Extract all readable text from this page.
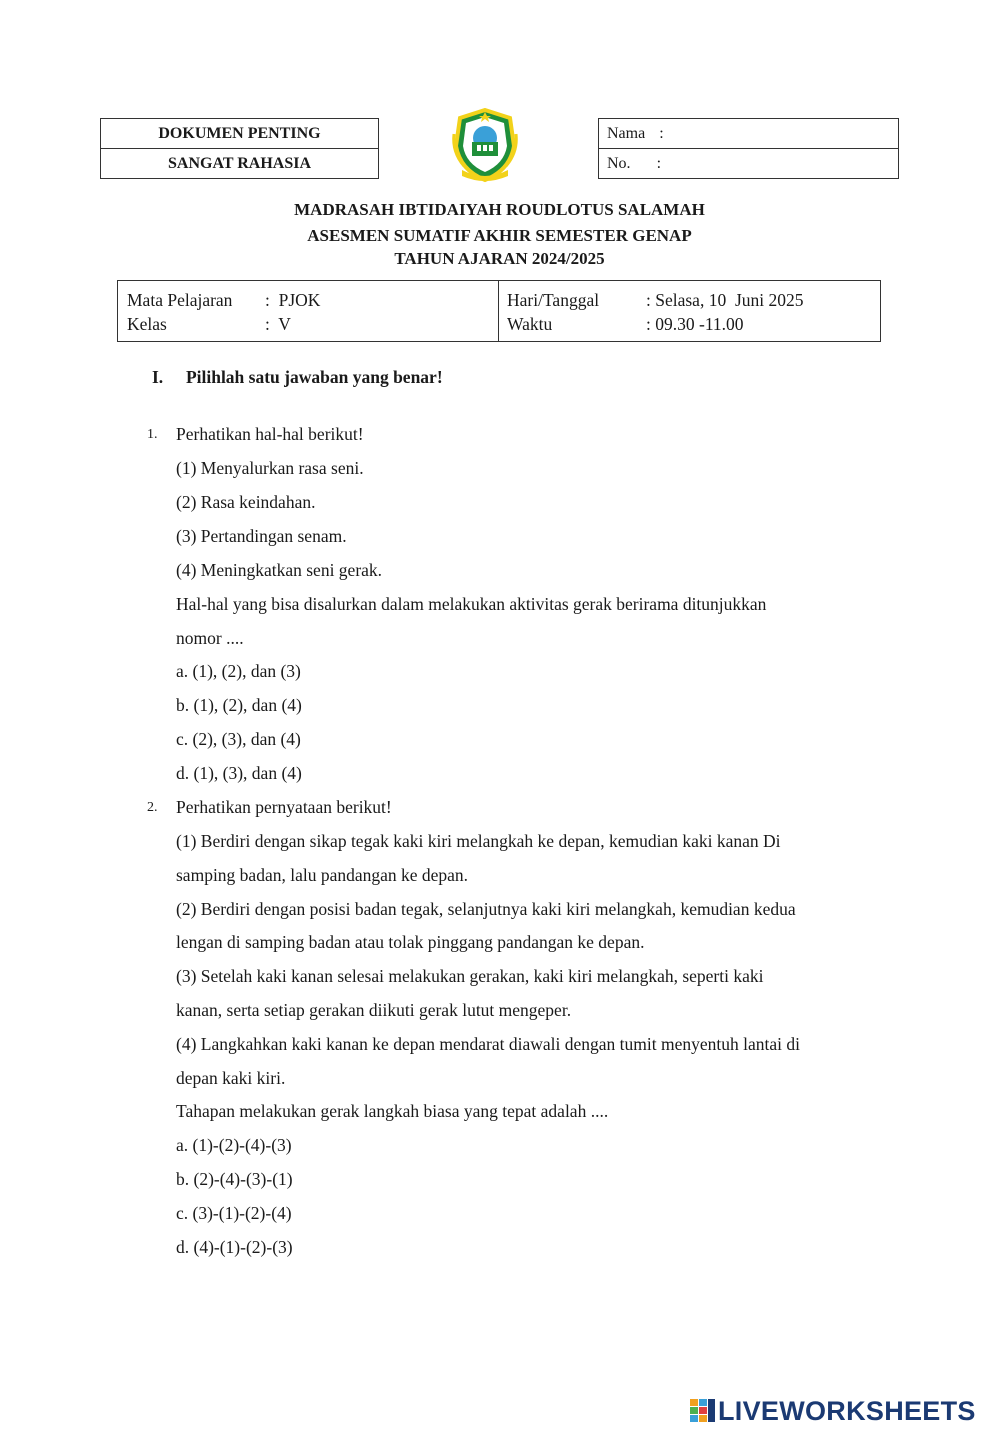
DOKUMEN PENTING
SANGAT RAHASIA
Nama :
No. :
MADRASAH IBTIDAIYAH ROUDLOTUS SALAMAH
ASESMEN SUMATIF AKHIR SEMESTER GENAP
TAHUN AJARAN 2024/2025
Mata Pelajaran :  PJOK
Kelas	:  V
Hari/Tanggal	: Selasa, 10  Juni 2025
Waktu	: 09.30 -11.00
I. Pilihlah satu jawaban yang benar!
1. Perhatikan hal-hal berikut!
(1) Menyalurkan rasa seni.
(2) Rasa keindahan.
(3) Pertandingan senam.
(4) Meningkatkan seni gerak.
Hal-hal yang bisa disalurkan dalam melakukan aktivitas gerak berirama ditunjukkan
nomor ....
a. (1), (2), dan (3)
b. (1), (2), dan (4)
c. (2), (3), dan (4)
d. (1), (3), dan (4)
2. Perhatikan pernyataan berikut!
(1) Berdiri dengan sikap tegak kaki kiri melangkah ke depan, kemudian kaki kanan Di
samping badan, lalu pandangan ke depan.
(2) Berdiri dengan posisi badan tegak, selanjutnya kaki kiri melangkah, kemudian kedua
lengan di samping badan atau tolak pinggang pandangan ke depan.
(3) Setelah kaki kanan selesai melakukan gerakan, kaki kiri melangkah, seperti kaki
kanan, serta setiap gerakan diikuti gerak lutut mengeper.
(4) Langkahkan kaki kanan ke depan mendarat diawali dengan tumit menyentuh lantai di
depan kaki kiri.
Tahapan melakukan gerak langkah biasa yang tepat adalah ....
a. (1)-(2)-(4)-(3)
b. (2)-(4)-(3)-(1)
c. (3)-(1)-(2)-(4)
d. (4)-(1)-(2)-(3)
LIVEWORKSHEETS
